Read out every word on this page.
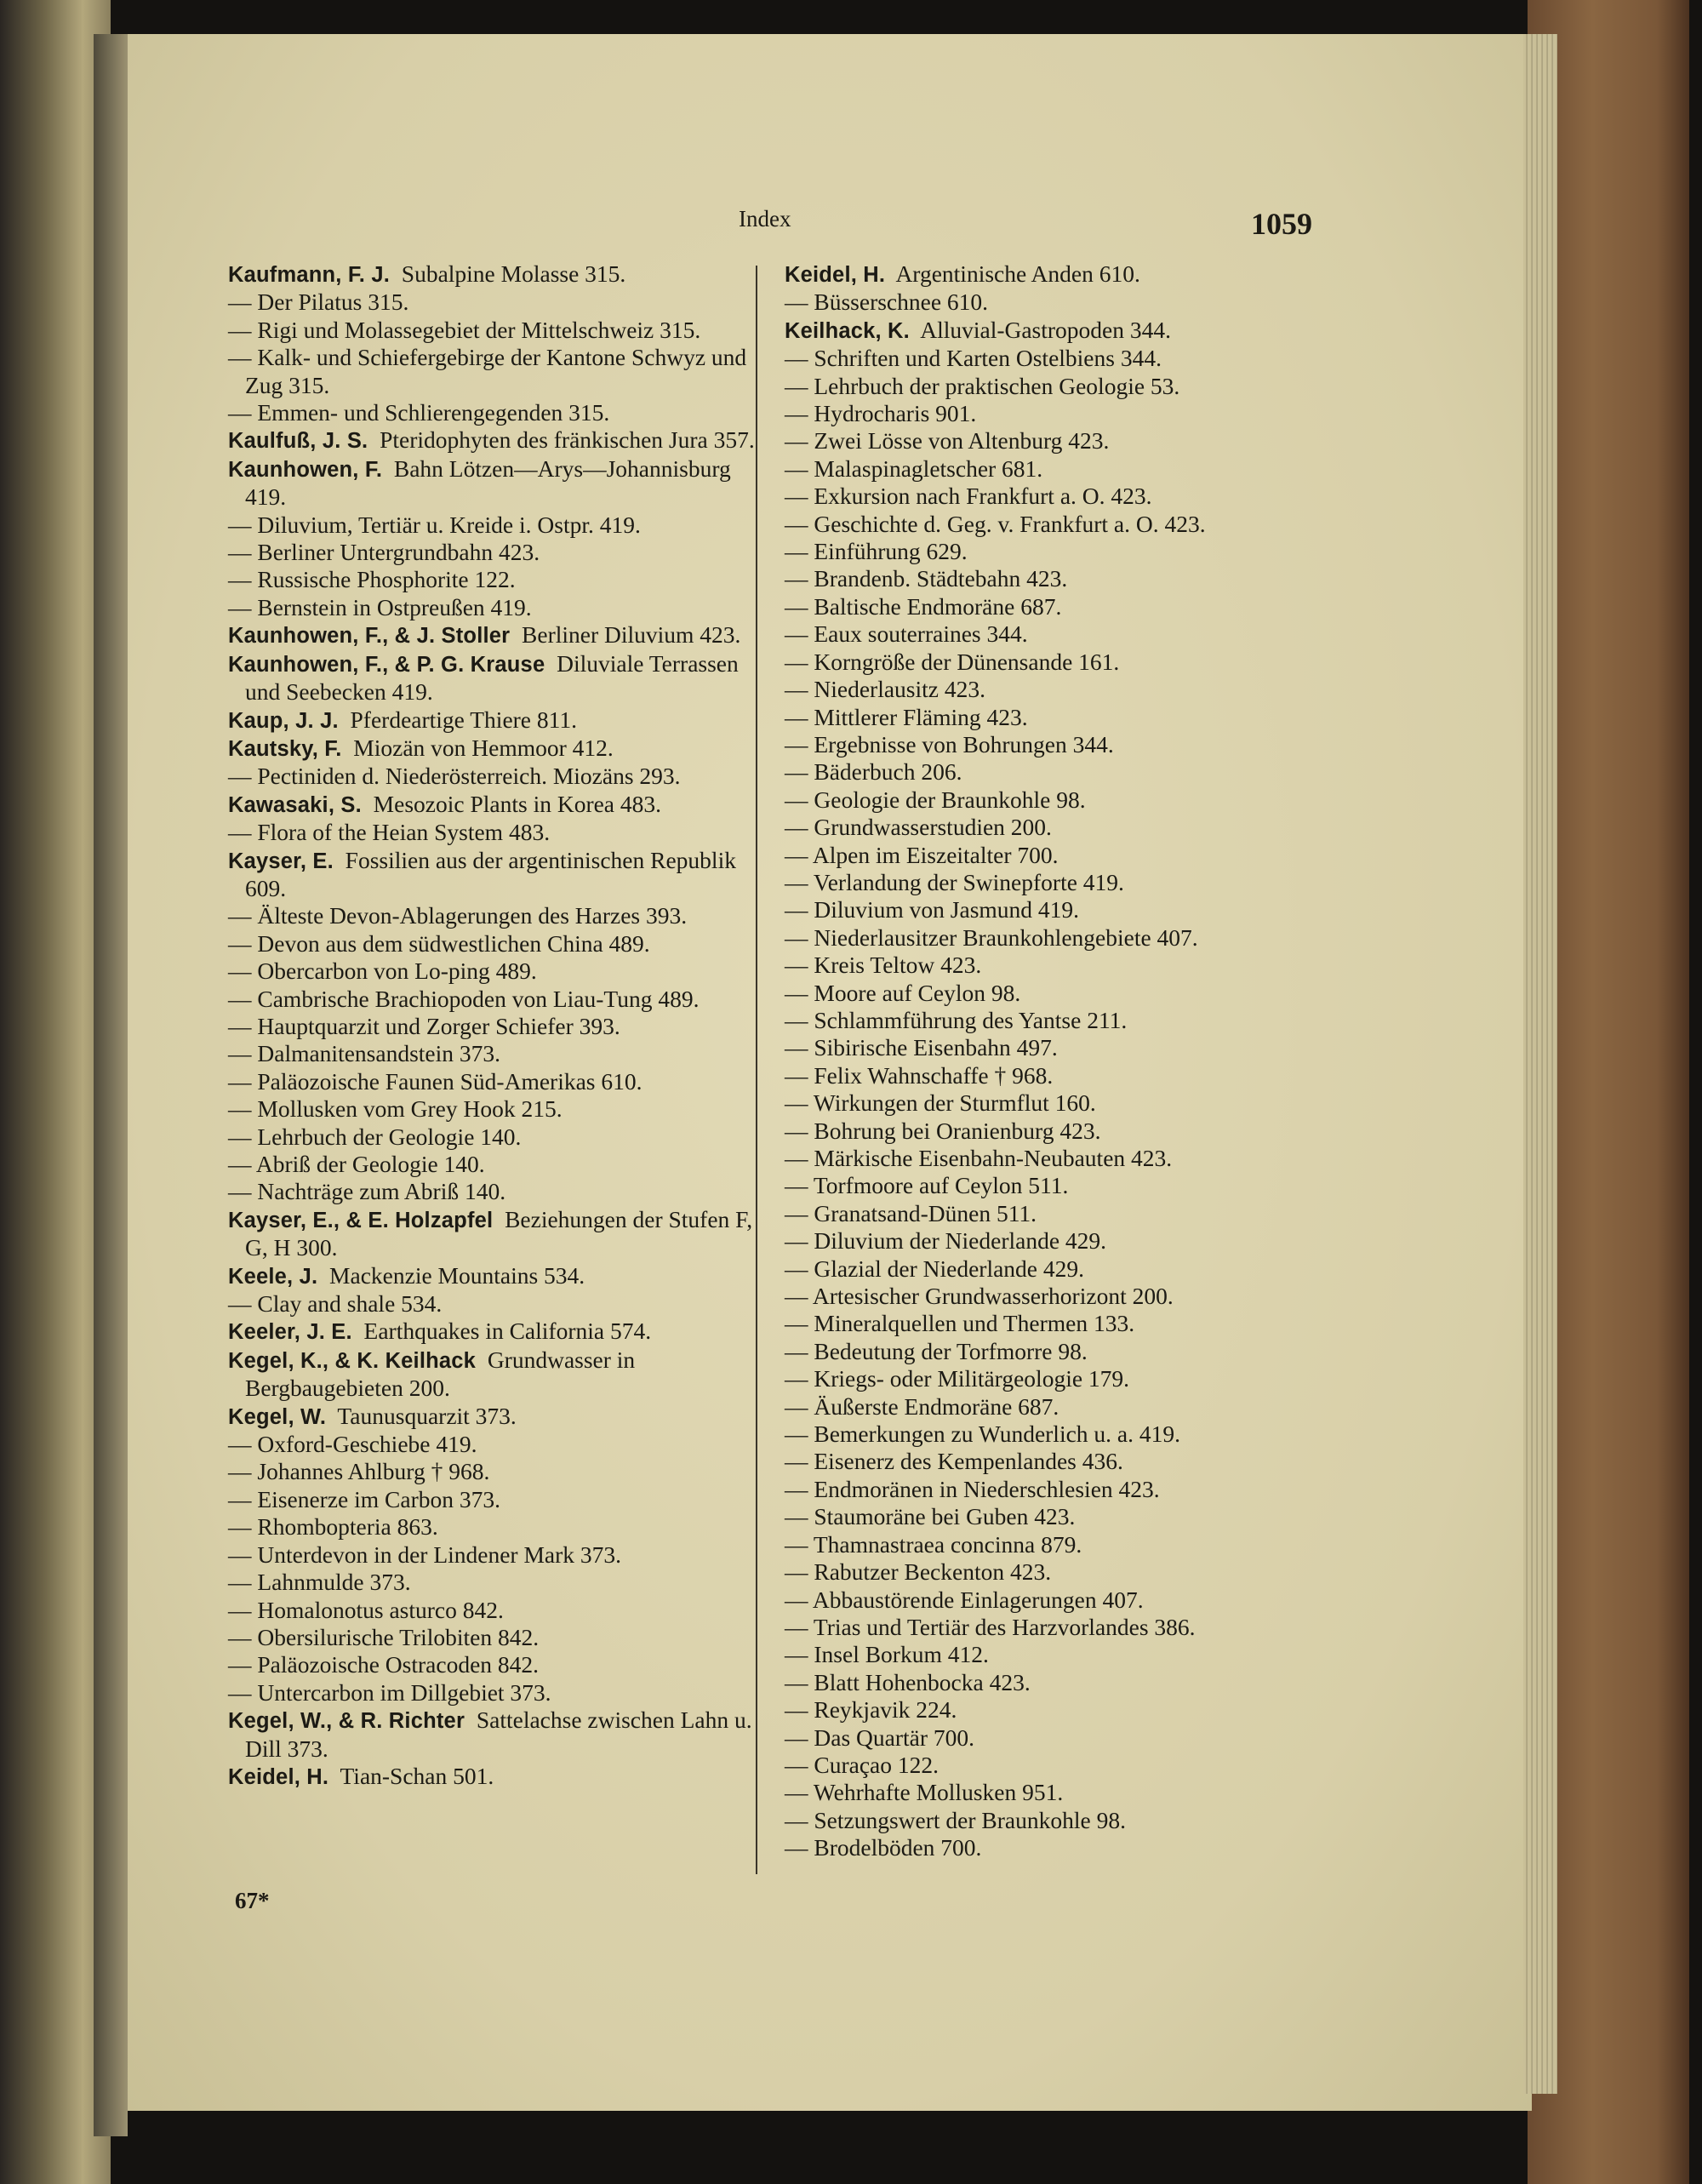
Index	1059

Kaufmann, F. J. Subalpine Molasse 315.

— Der Pilatus 315.

— Rigi und Molassegebiet der Mittelschweiz 315.

— Kalk- und Schiefergebirge der Kantone Schwyz und Zug 315.

— Emmen- und Schlierengegenden 315.

Kaulfuß, J. S. Pteridophyten des fränkischen Jura 357.

Kaunhowen, F. Bahn Lötzen—Arys—Johannisburg 419.

— Diluvium, Tertiär u. Kreide i. Ostpr. 419.

— Berliner Untergrundbahn 423.

— Russische Phosphorite 122.

— Bernstein in Ostpreußen 419.

Kaunhowen, F., & J. Stoller Berliner Diluvium 423.

Kaunhowen, F., & P. G. Krause Diluviale Terrassen und Seebecken 419.

Kaup, J. J. Pferdeartige Thiere 811.

Kautsky, F. Miozän von Hemmoor 412.

— Pectiniden d. Niederösterreich. Miozäns 293.

Kawasaki, S. Mesozoic Plants in Korea 483.

— Flora of the Heian System 483.

Kayser, E. Fossilien aus der argentinischen Republik 609.

— Älteste Devon-Ablagerungen des Harzes 393.

— Devon aus dem südwestlichen China 489.

— Obercarbon von Lo-ping 489.

— Cambrische Brachiopoden von Liau-Tung 489.

— Hauptquarzit und Zorger Schiefer 393.

— Dalmanitensandstein 373.

— Paläozoische Faunen Süd-Amerikas 610.

— Mollusken vom Grey Hook 215.

— Lehrbuch der Geologie 140.

— Abriß der Geologie 140.

— Nachträge zum Abriß 140.

Kayser, E., & E. Holzapfel Beziehungen der Stufen F, G, H 300.

Keele, J. Mackenzie Mountains 534.

— Clay and shale 534.

Keeler, J. E. Earthquakes in California 574.

Kegel, K., & K. Keilhack Grundwasser in Bergbaugebieten 200.

Kegel, W. Taunusquarzit 373.

— Oxford-Geschiebe 419.

— Johannes Ahlburg † 968.

— Eisenerze im Carbon 373.

— Rhombopteria 863.

— Unterdevon in der Lindener Mark 373.

— Lahnmulde 373.

— Homalonotus asturco 842.

— Obersilurische Trilobiten 842.

— Paläozoische Ostracoden 842.

— Untercarbon im Dillgebiet 373.

Kegel, W., & R. Richter Sattelachse zwischen Lahn u. Dill 373.

Keidel, H. Tian-Schan 501.

Keidel, H. Argentinische Anden 610.

— Büsserschnee 610.

Keilhack, K. Alluvial-Gastropoden 344.

— Schriften und Karten Ostelbiens 344.

— Lehrbuch der praktischen Geologie 53.

— Hydrocharis 901.

— Zwei Lösse von Altenburg 423.

— Malaspinagletscher 681.

— Exkursion nach Frankfurt a. O. 423.

— Geschichte d. Geg. v. Frankfurt a. O. 423.

— Einführung 629.

— Brandenb. Städtebahn 423.

— Baltische Endmoräne 687.

— Eaux souterraines 344.

— Korngröße der Dünensande 161.

— Niederlausitz 423.

— Mittlerer Fläming 423.

— Ergebnisse von Bohrungen 344.

— Bäderbuch 206.

— Geologie der Braunkohle 98.

— Grundwasserstudien 200.

— Alpen im Eiszeitalter 700.

— Verlandung der Swinepforte 419.

— Diluvium von Jasmund 419.

— Niederlausitzer Braunkohlengebiete 407.

— Kreis Teltow 423.

— Moore auf Ceylon 98.

— Schlammführung des Yantse 211.

— Sibirische Eisenbahn 497.

— Felix Wahnschaffe † 968.

— Wirkungen der Sturmflut 160.

— Bohrung bei Oranienburg 423.

— Märkische Eisenbahn-Neubauten 423.

— Torfmoore auf Ceylon 511.

— Granatsand-Dünen 511.

— Diluvium der Niederlande 429.

— Glazial der Niederlande 429.

— Artesischer Grundwasserhorizont 200.

— Mineralquellen und Thermen 133.

— Bedeutung der Torfmorre 98.

— Kriegs- oder Militärgeologie 179.

— Äußerste Endmoräne 687.

— Bemerkungen zu Wunderlich u. a. 419.

— Eisenerz des Kempenlandes 436.

— Endmoränen in Niederschlesien 423.

— Staumoräne bei Guben 423.

— Thamnastraea concinna 879.

— Rabutzer Beckenton 423.

— Abbaustörende Einlagerungen 407.

— Trias und Tertiär des Harzvorlandes 386.

— Insel Borkum 412.

— Blatt Hohenbocka 423.

— Reykjavik 224.

— Das Quartär 700.

— Curaçao 122.

— Wehrhafte Mollusken 951.

— Setzungswert der Braunkohle 98.

— Brodelböden 700.

67*
